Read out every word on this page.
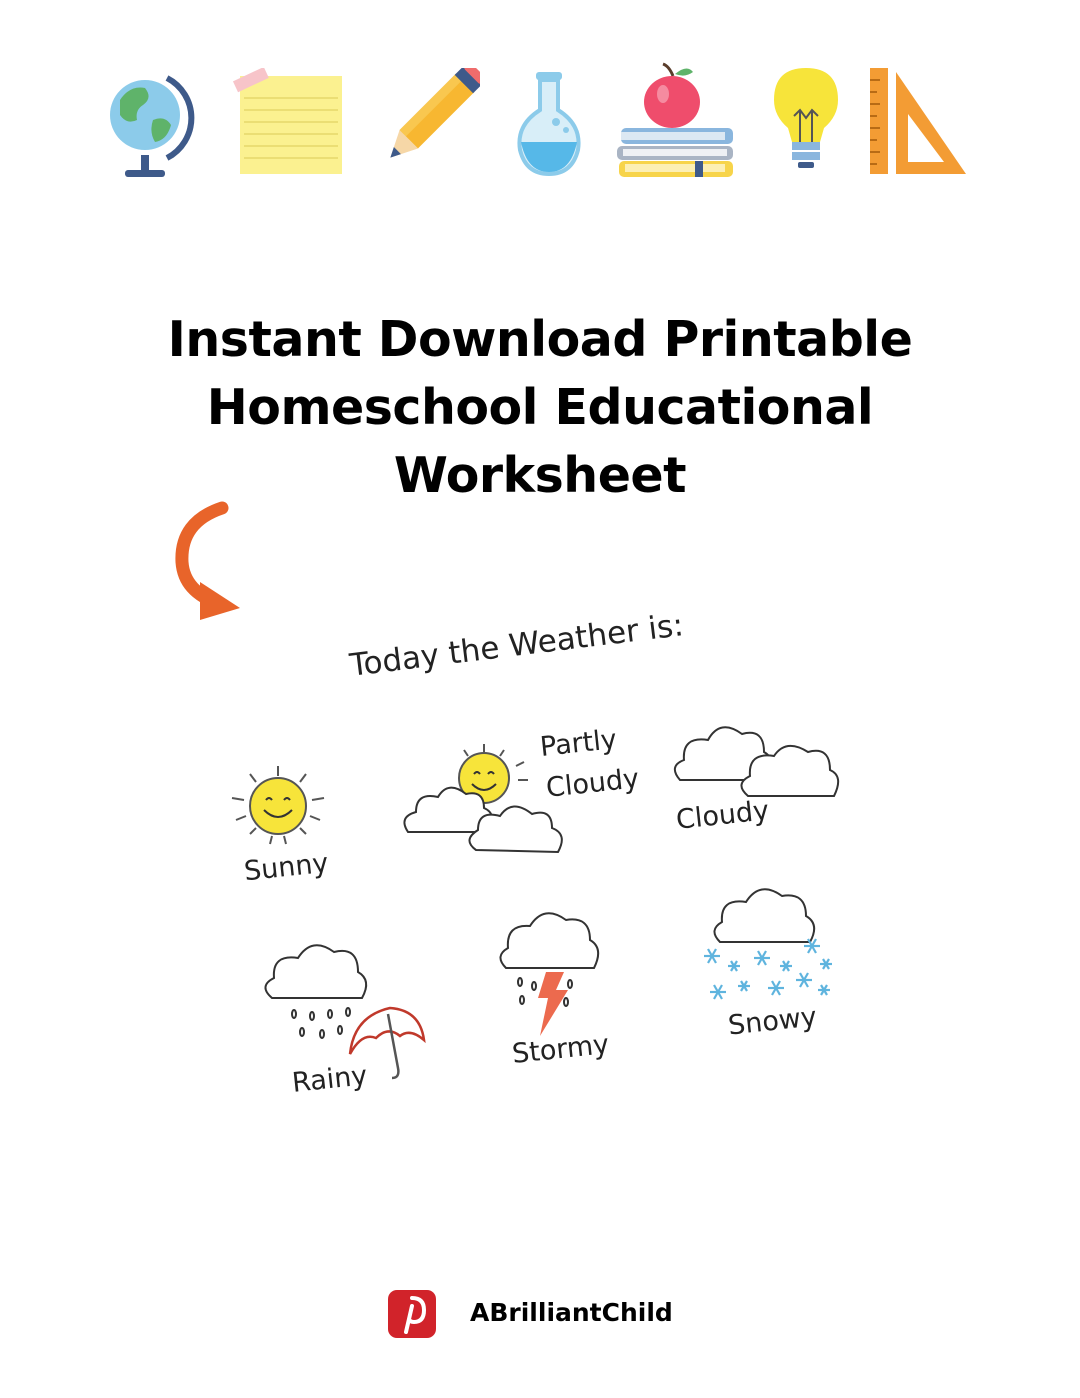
Instant Download Printable
Homeschool Educational
Worksheet
Today the Weather is:
Sunny
Partly
Cloudy
Cloudy
Rainy
Stormy
Snowy
ABrilliantChild
